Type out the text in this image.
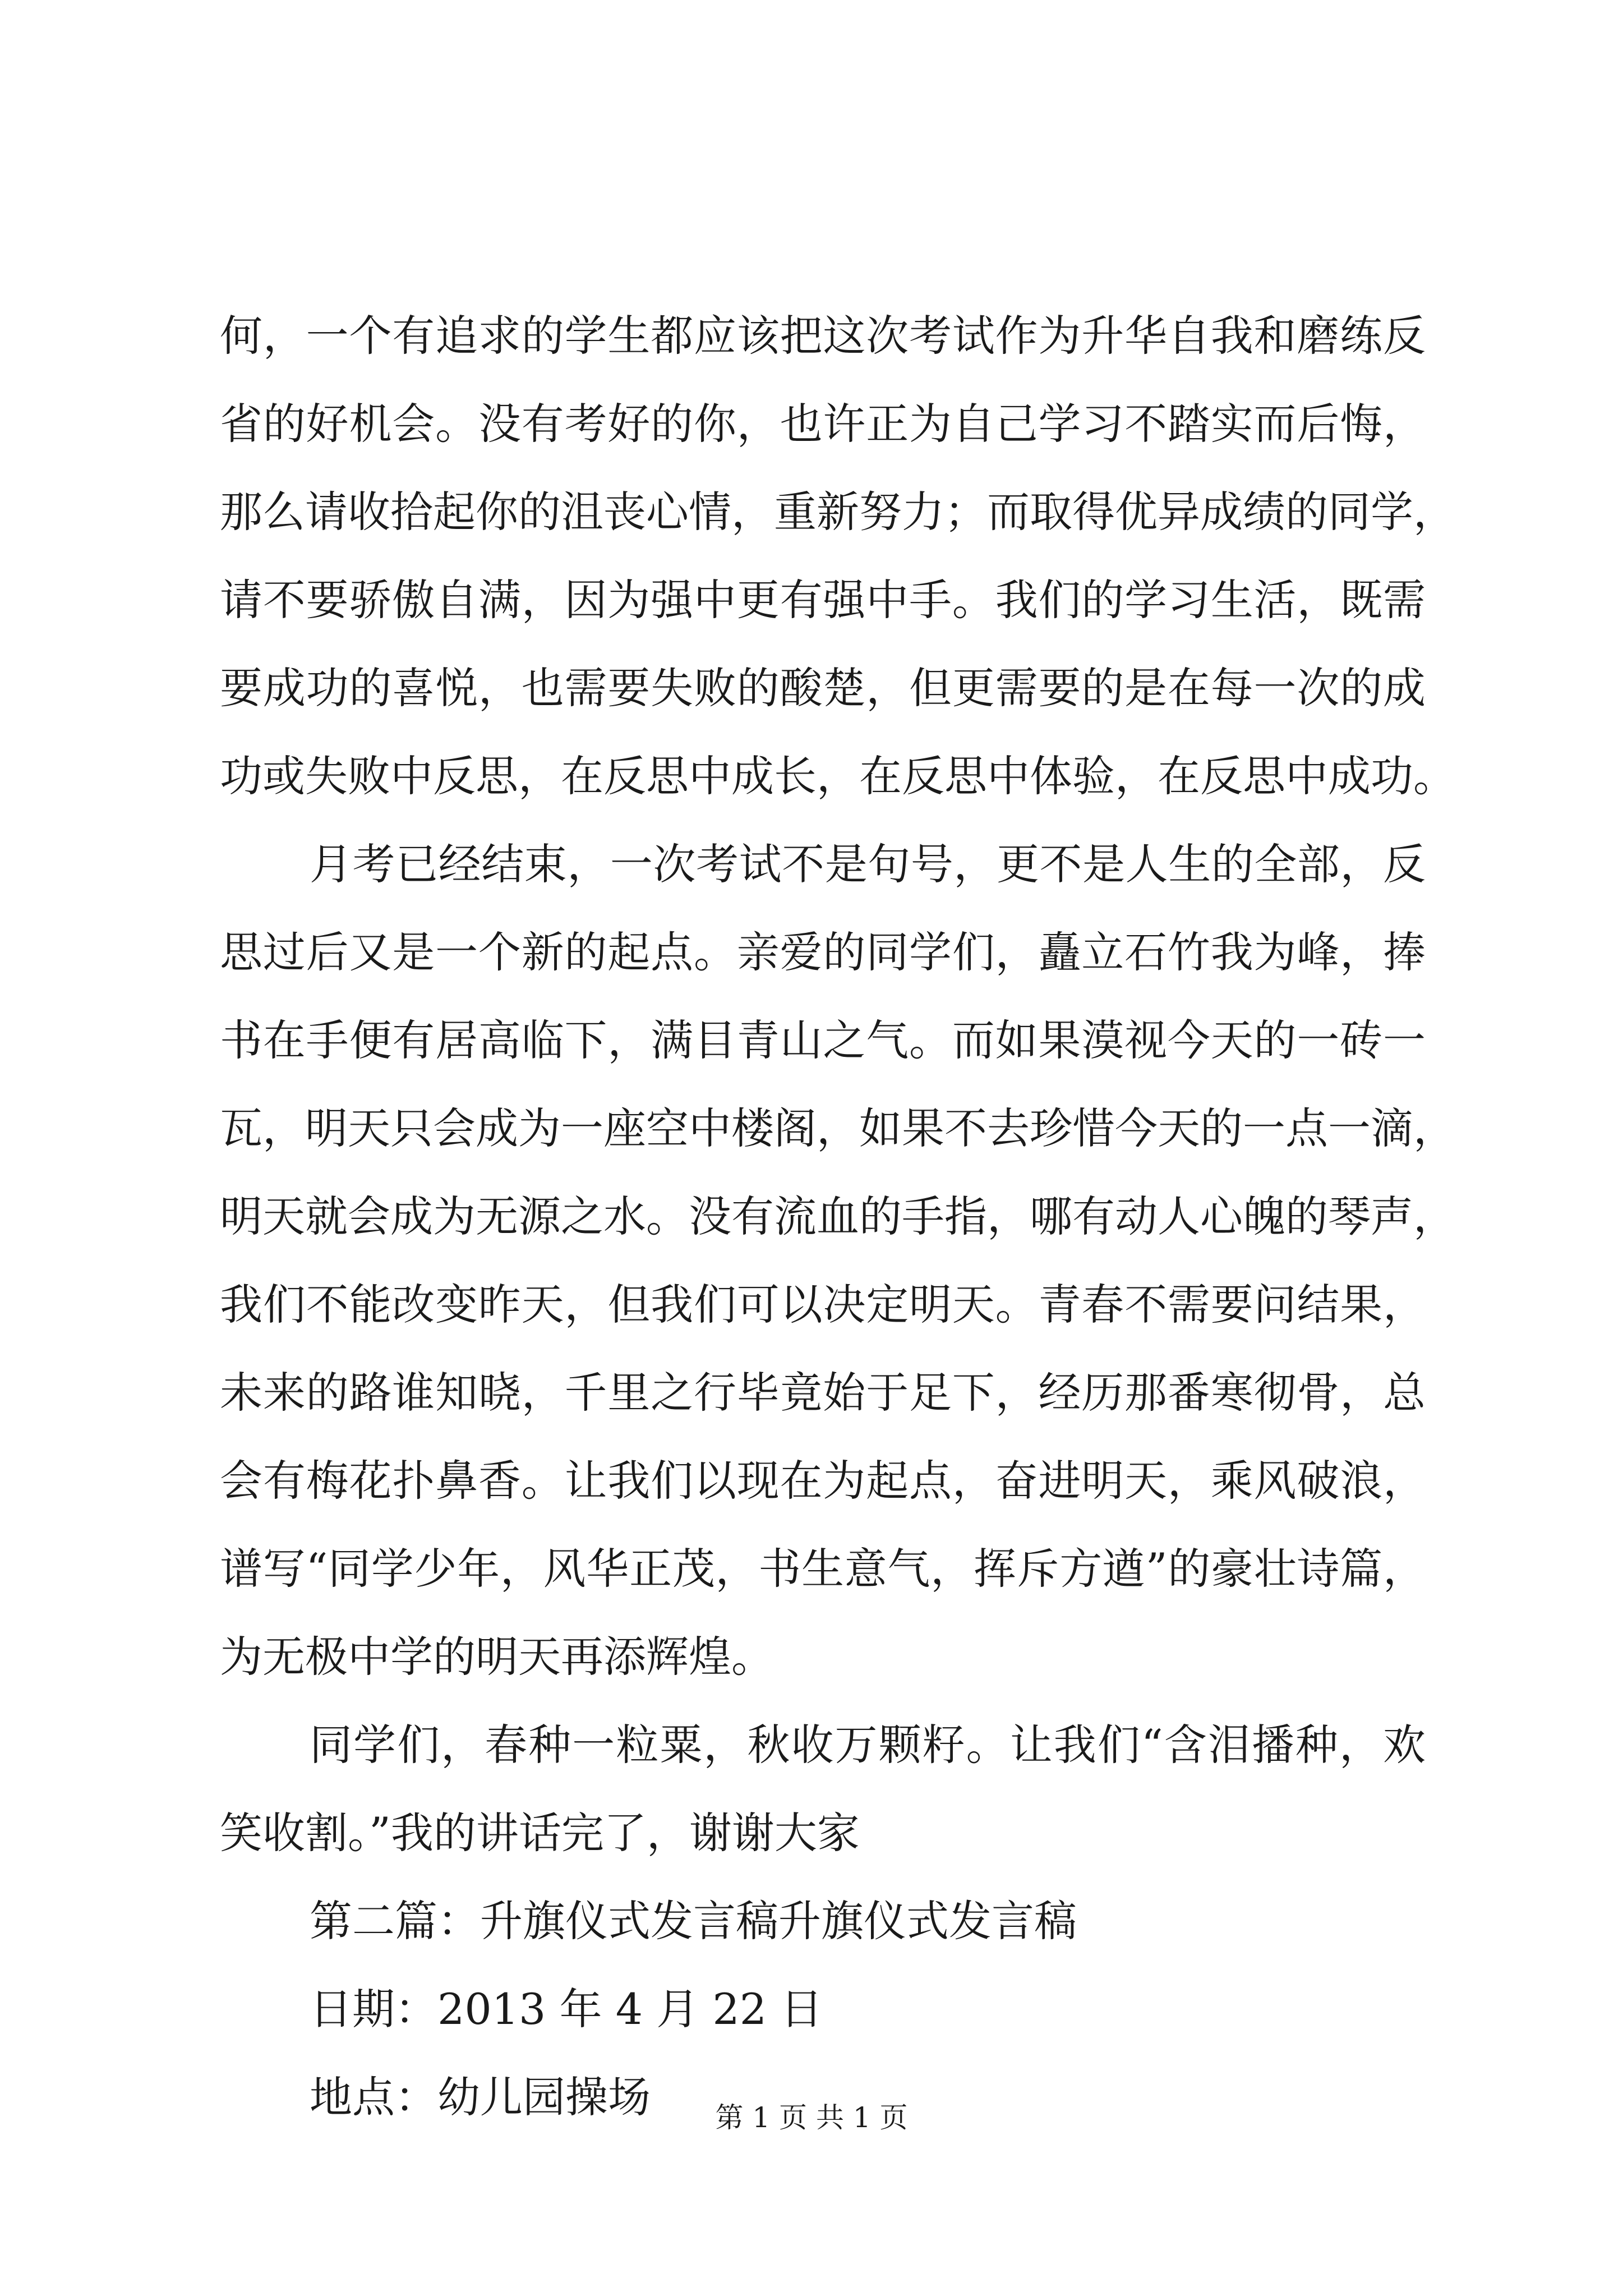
何，一个有追求的学生都应该把这次考试作为升华自我和磨练反
省的好机会。没有考好的你，也许正为自己学习不踏实而后悔，
那么请收拾起你的沮丧心情，重新努力；而取得优异成绩的同学，
请不要骄傲自满，因为强中更有强中手。我们的学习生活，既需
要成功的喜悦，也需要失败的酸楚，但更需要的是在每一次的成
功或失败中反思，在反思中成长，在反思中体验，在反思中成功。
月考已经结束，一次考试不是句号，更不是人生的全部，反
思过后又是一个新的起点。亲爱的同学们，矗立石竹我为峰，捧
书在手便有居高临下，满目青山之气。而如果漠视今天的一砖一
瓦，明天只会成为一座空中楼阁，如果不去珍惜今天的一点一滴，
明天就会成为无源之水。没有流血的手指，哪有动人心魄的琴声，
我们不能改变昨天，但我们可以决定明天。青春不需要问结果，
未来的路谁知晓，千里之行毕竟始于足下，经历那番寒彻骨，总
会有梅花扑鼻香。让我们以现在为起点，奋进明天，乘风破浪，
谱写“同学少年，风华正茂，书生意气，挥斥方遒”的豪壮诗篇，
为无极中学的明天再添辉煌。
同学们，春种一粒粟，秋收万颗籽。让我们“含泪播种，欢
笑收割。”我的讲话完了，谢谢大家
第二篇：升旗仪式发言稿升旗仪式发言稿
日期：2013 年 4 月 22 日
地点：幼儿园操场	第 1 页 共 1 页
